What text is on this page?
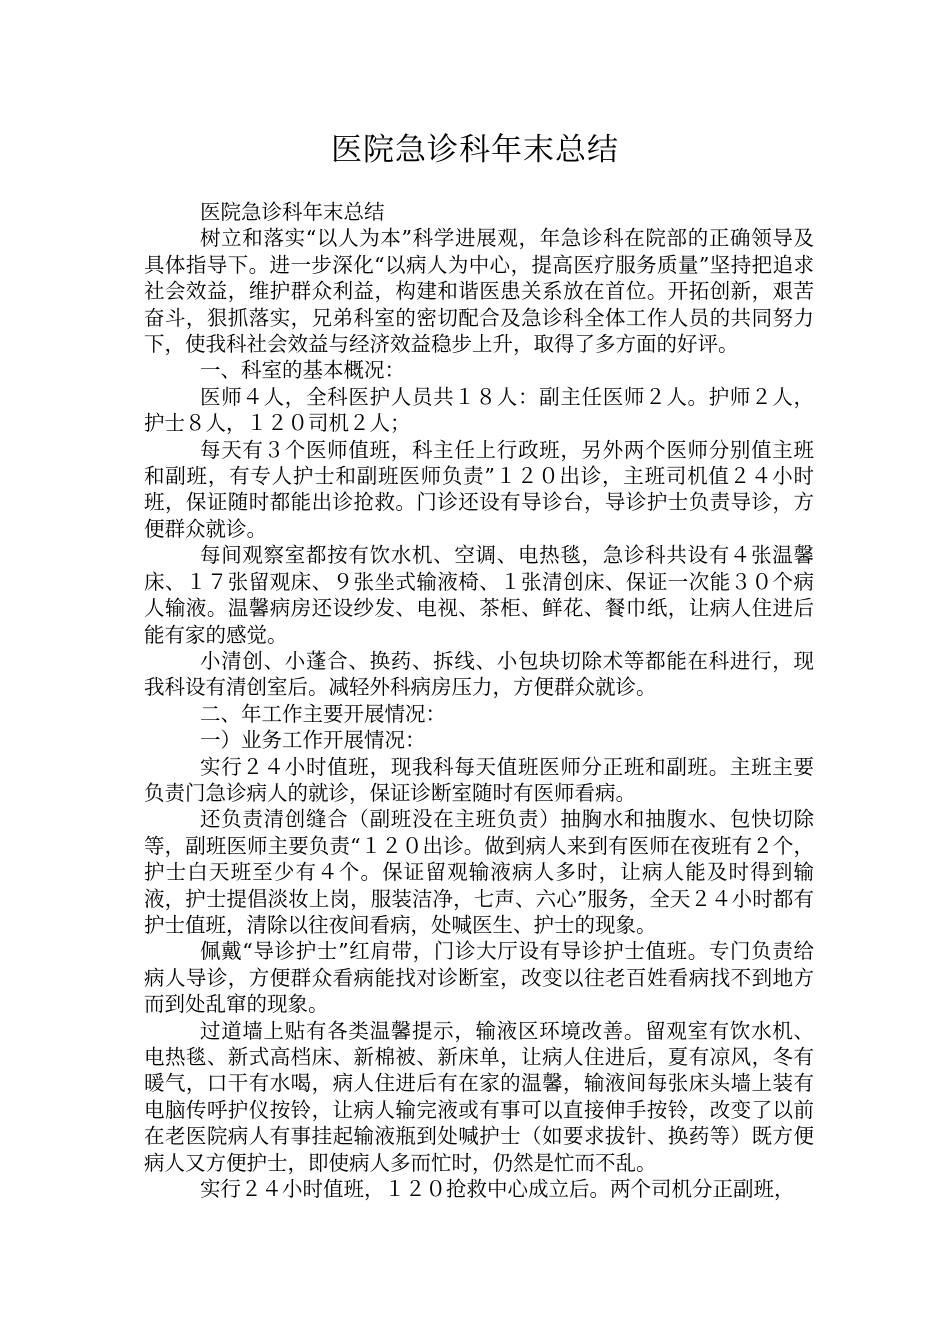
医院急诊科年末总结

医院急诊科年末总结

树立和落实“以人为本”科学进展观，年急诊科在院部的正确领导及具体指导下。进一步深化“以病人为中心，提高医疗服务质量”坚持把追求社会效益，维护群众利益，构建和谐医患关系放在首位。开拓创新，艰苦奋斗，狠抓落实，兄弟科室的密切配合及急诊科全体工作人员的共同努力下，使我科社会效益与经济效益稳步上升，取得了多方面的好评。

一、科室的基本概况：

医师４人，全科医护人员共１８人：副主任医师２人。护师２人，护士８人，１２０司机２人；

每天有３个医师值班，科主任上行政班，另外两个医师分别值主班和副班，有专人护士和副班医师负责”１２０出诊，主班司机值２４小时班，保证随时都能出诊抢救。门诊还设有导诊台，导诊护士负责导诊，方便群众就诊。

每间观察室都按有饮水机、空调、电热毯，急诊科共设有４张温馨床、１７张留观床、９张坐式输液椅、１张清创床、保证一次能３０个病人输液。温馨病房还设纱发、电视、茶柜、鲜花、餐巾纸，让病人住进后能有家的感觉。

小清创、小蓬合、换药、拆线、小包块切除术等都能在科进行，现我科设有清创室后。减轻外科病房压力，方便群众就诊。

二、年工作主要开展情况：

一）业务工作开展情况：

实行２４小时值班，现我科每天值班医师分正班和副班。主班主要负责门急诊病人的就诊，保证诊断室随时有医师看病。

还负责清创缝合（副班没在主班负责）抽胸水和抽腹水、包快切除等，副班医师主要负责“１２０出诊。做到病人来到有医师在夜班有２个，护士白天班至少有４个。保证留观输液病人多时，让病人能及时得到输液，护士提倡淡妆上岗，服装洁净，七声、六心”服务，全天２４小时都有护士值班，清除以往夜间看病，处喊医生、护士的现象。

佩戴“导诊护士”红肩带，门诊大厅设有导诊护士值班。专门负责给病人导诊，方便群众看病能找对诊断室，改变以往老百姓看病找不到地方而到处乱窜的现象。

过道墙上贴有各类温馨提示，输液区环境改善。留观室有饮水机、电热毯、新式高档床、新棉被、新床单，让病人住进后，夏有凉风，冬有暖气，口干有水喝，病人住进后有在家的温馨，输液间每张床头墙上装有电脑传呼护仪按铃，让病人输完液或有事可以直接伸手按铃，改变了以前在老医院病人有事挂起输液瓶到处喊护士（如要求拔针、换药等）既方便病人又方便护士，即使病人多而忙时，仍然是忙而不乱。

实行２４小时值班，１２０抢救中心成立后。两个司机分正副班，
